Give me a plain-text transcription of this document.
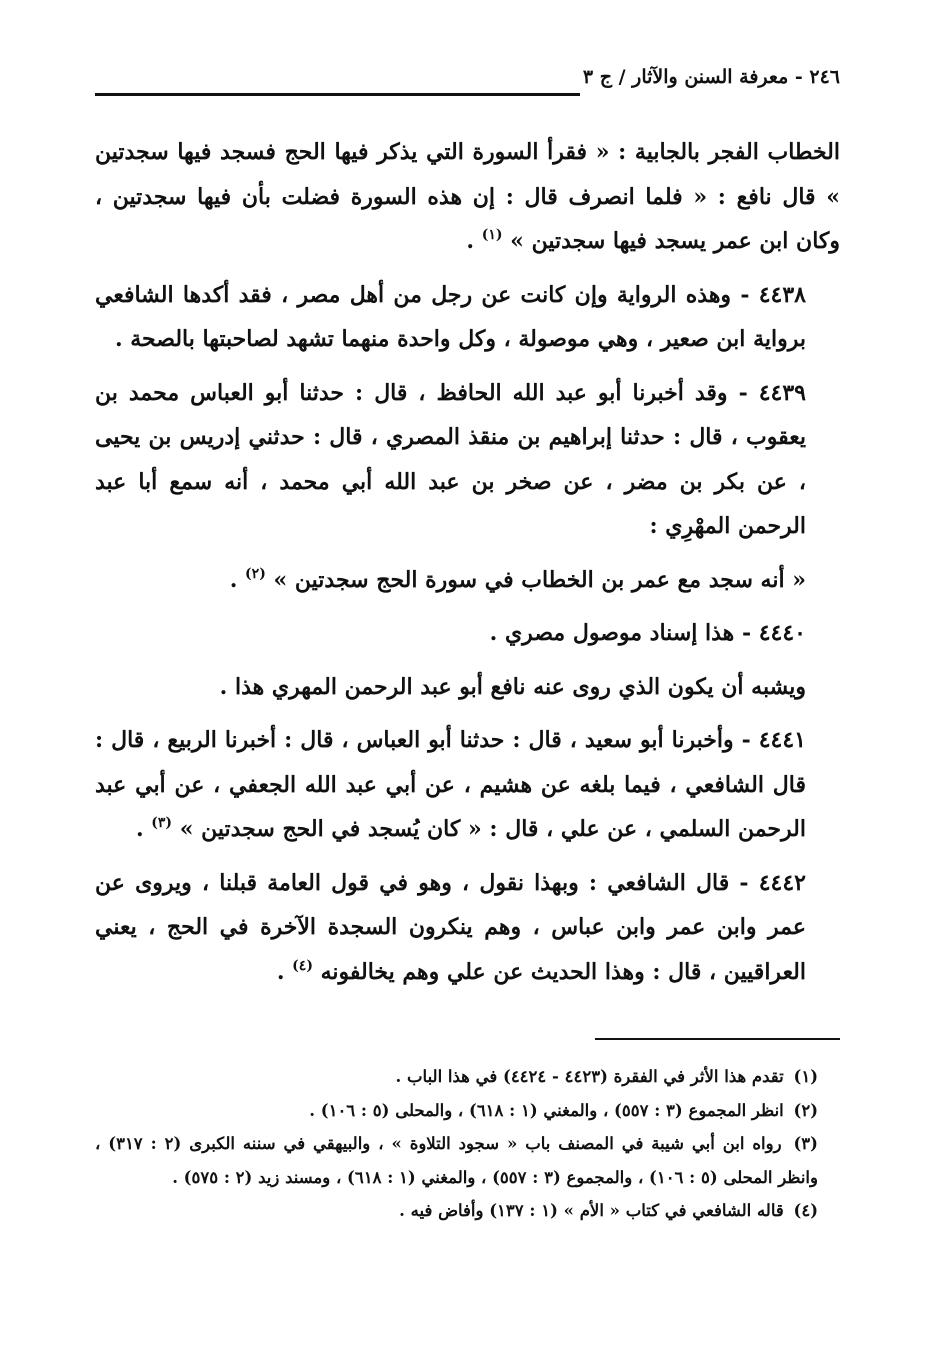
٢٤٦ - معرفة السنن والآثار / ج ٣

الخطاب الفجر بالجابية : « فقرأ السورة التي يذكر فيها الحج فسجد فيها سجدتين » قال نافع : « فلما انصرف قال : إن هذه السورة فضلت بأن فيها سجدتين ، وكان ابن عمر يسجد فيها سجدتين » $^{(١)}$ .

٤٤٣٨ - وهذه الرواية وإن كانت عن رجل من أهل مصر ، فقد أكدها الشافعي برواية ابن صعير ، وهي موصولة ، وكل واحدة منهما تشهد لصاحبتها بالصحة .

٤٤٣٩ - وقد أخبرنا أبو عبد الله الحافظ ، قال : حدثنا أبو العباس محمد بن يعقوب ، قال : حدثنا إبراهيم بن منقذ المصري ، قال : حدثني إدريس بن يحيى ، عن بكر بن مضر ، عن صخر بن عبد الله أبي محمد ، أنه سمع أبا عبد الرحمن المهْرِي :

« أنه سجد مع عمر بن الخطاب في سورة الحج سجدتين » $^{(٢)}$ .

٤٤٤٠ - هذا إسناد موصول مصري .

ويشبه أن يكون الذي روى عنه نافع أبو عبد الرحمن المهري هذا .

٤٤٤١ - وأخبرنا أبو سعيد ، قال : حدثنا أبو العباس ، قال : أخبرنا الربيع ، قال : قال الشافعي ، فيما بلغه عن هشيم ، عن أبي عبد الله الجعفي ، عن أبي عبد الرحمن السلمي ، عن علي ، قال : « كان يُسجد في الحج سجدتين » $^{(٣)}$ .

٤٤٤٢ - قال الشافعي : وبهذا نقول ، وهو في قول العامة قبلنا ، ويروى عن عمر وابن عمر وابن عباس ، وهم ينكرون السجدة الآخرة في الحج ، يعني العراقيين ، قال : وهذا الحديث عن علي وهم يخالفونه $^{(٤)}$ .

(١) تقدم هذا الأثر في الفقرة (٤٤٢٣ - ٤٤٢٤) في هذا الباب .

(٢) انظر المجموع (٣ : ٥٥٧) ، والمغني (١ : ٦١٨) ، والمحلى (٥ : ١٠٦) .

(٣) رواه ابن أبي شيبة في المصنف باب « سجود التلاوة » ، والبيهقي في سننه الكبرى (٢ : ٣١٧) ، وانظر المحلى (٥ : ١٠٦) ، والمجموع (٣ : ٥٥٧) ، والمغني (١ : ٦١٨) ، ومسند زيد (٢ : ٥٧٥) .

(٤) قاله الشافعي في كتاب « الأم » (١ : ١٣٧) وأفاض فيه .
